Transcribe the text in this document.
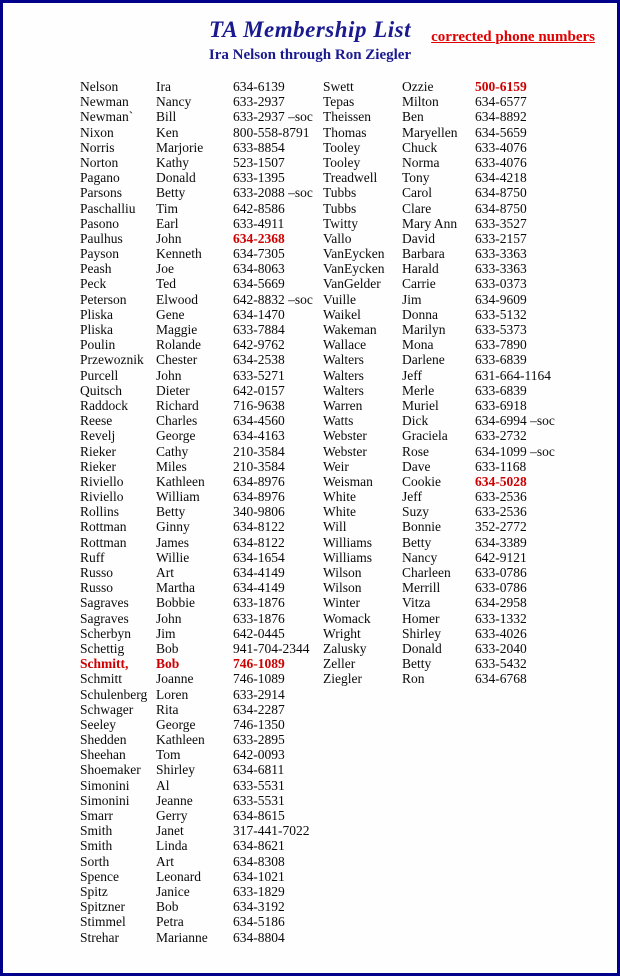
TA Membership List	corrected phone numbers
Ira Nelson through Ron Ziegler
Nelson	Ira	634-6139
Newman	Nancy	633-2937
Newman`	Bill	633-2937 –soc
Nixon	Ken	800-558-8791
Norris	Marjorie	633-8854
Norton	Kathy	523-1507
Pagano	Donald	633-1395
Parsons	Betty	633-2088 –soc
Paschalliu	Tim	642-8586
Pasono	Earl	633-4911
Paulhus	John	634-2368
Payson	Kenneth	634-7305
Peash	Joe	634-8063
Peck	Ted	634-5669
Peterson	Elwood	642-8832 –soc
Pliska	Gene	634-1470
Pliska	Maggie	633-7884
Poulin	Rolande	642-9762
Przewoznik Chester	634-2538
Purcell	John	633-5271
Quitsch	Dieter	642-0157
Raddock	Richard	716-9638
Reese	Charles	634-4560
Revelj	George	634-4163
Rieker	Cathy	210-3584
Rieker	Miles	210-3584
Riviello	Kathleen	634-8976
Riviello	William	634-8976
Rollins	Betty	340-9806
Rottman	Ginny	634-8122
Rottman	James	634-8122
Ruff	Willie	634-1654
Russo	Art	634-4149
Russo	Martha	634-4149
Sagraves	Bobbie	633-1876
Sagraves	John	633-1876
Scherbyn	Jim	642-0445
Schettig	Bob	941-704-2344
Schmitt,	Bob	746-1089
Schmitt	Joanne	746-1089
Schulenberg Loren	633-2914
Schwager	Rita	634-2287
Seeley	George	746-1350
Shedden	Kathleen	633-2895
Sheehan	Tom	642-0093
Shoemaker	Shirley	634-6811
Simonini	Al	633-5531
Simonini	Jeanne	633-5531
Smarr	Gerry	634-8615
Smith	Janet	317-441-7022
Smith	Linda	634-8621
Sorth	Art	634-8308
Spence	Leonard	634-1021
Spitz	Janice	633-1829
Spitzner	Bob	634-3192
Stimmel	Petra	634-5186
Strehar	Marianne	634-8804
Swett	Ozzie	500-6159
Tepas	Milton	634-6577
Theissen	Ben	634-8892
Thomas	Maryellen	634-5659
Tooley	Chuck	633-4076
Tooley	Norma	633-4076
Treadwell	Tony	634-4218
Tubbs	Carol	634-8750
Tubbs	Clare	634-8750
Twitty	Mary Ann	633-3527
Vallo	David	633-2157
VanEycken	Barbara	633-3363
VanEycken	Harald	633-3363
VanGelder	Carrie	633-0373
Vuille	Jim	634-9609
Waikel	Donna	633-5132
Wakeman	Marilyn	633-5373
Wallace	Mona	633-7890
Walters	Darlene	633-6839
Walters	Jeff	631-664-1164
Walters	Merle	633-6839
Warren	Muriel	633-6918
Watts	Dick	634-6994 –soc
Webster	Graciela	633-2732
Webster	Rose	634-1099 –soc
Weir	Dave	633-1168
Weisman	Cookie	634-5028
White	Jeff	633-2536
White	Suzy	633-2536
Will	Bonnie	352-2772
Williams	Betty	634-3389
Williams	Nancy	642-9121
Wilson	Charleen	633-0786
Wilson	Merrill	633-0786
Winter	Vitza	634-2958
Womack	Homer	633-1332
Wright	Shirley	633-4026
Zalusky	Donald	633-2040
Zeller	Betty	633-5432
Ziegler	Ron	634-6768
